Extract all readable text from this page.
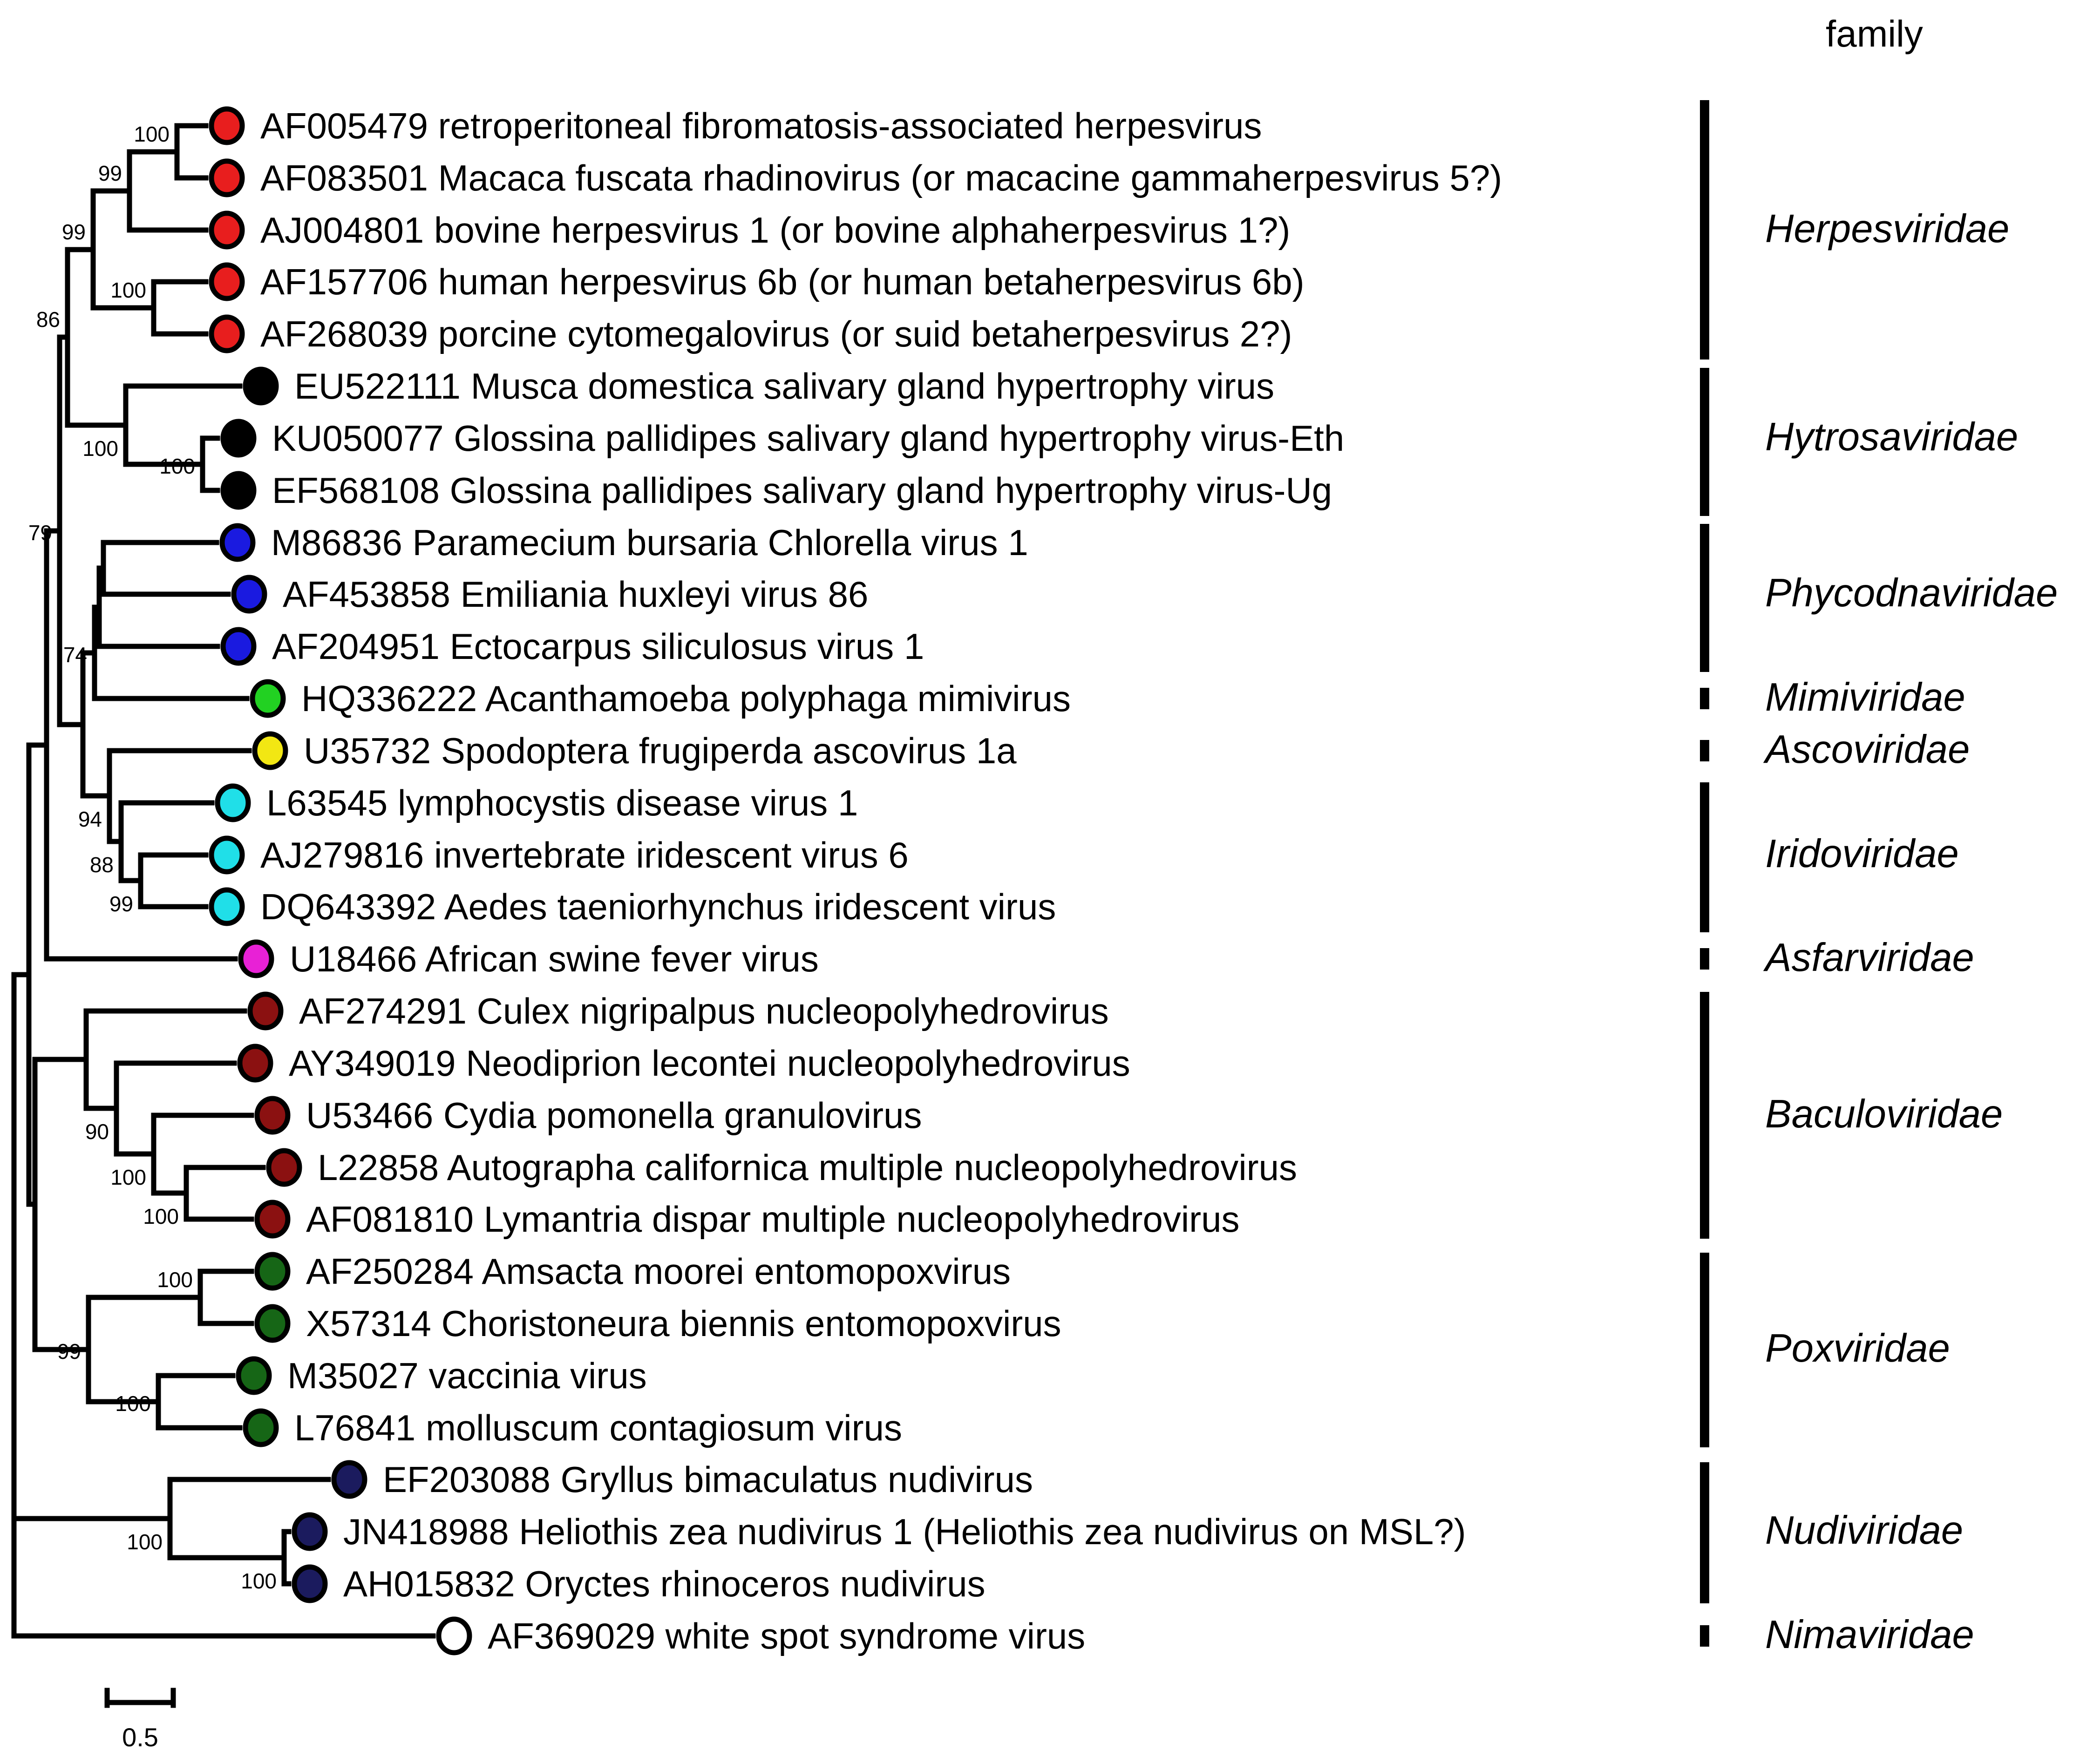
100
99
100
99
100
100
86
74
99
88
94
79
100
100
90
100
100
99
100
100
AF005479 retroperitoneal fibromatosis-associated herpesvirus
AF083501 Macaca fuscata rhadinovirus (or macacine gammaherpesvirus 5?)
AJ004801 bovine herpesvirus 1 (or bovine alphaherpesvirus 1?)
AF157706 human herpesvirus 6b (or human betaherpesvirus 6b)
AF268039 porcine cytomegalovirus (or suid betaherpesvirus 2?)
EU522111 Musca domestica salivary gland hypertrophy virus
KU050077 Glossina pallidipes salivary gland hypertrophy virus-Eth
EF568108 Glossina pallidipes salivary gland hypertrophy virus-Ug
M86836 Paramecium bursaria Chlorella virus 1
AF453858 Emiliania huxleyi virus 86
AF204951 Ectocarpus siliculosus virus 1
HQ336222 Acanthamoeba polyphaga mimivirus
U35732 Spodoptera frugiperda ascovirus 1a
L63545 lymphocystis disease virus 1
AJ279816 invertebrate iridescent virus 6
DQ643392 Aedes taeniorhynchus iridescent virus
U18466 African swine fever virus
AF274291 Culex nigripalpus nucleopolyhedrovirus
AY349019 Neodiprion lecontei nucleopolyhedrovirus
U53466 Cydia pomonella granulovirus
L22858 Autographa californica multiple nucleopolyhedrovirus
AF081810 Lymantria dispar multiple nucleopolyhedrovirus
AF250284 Amsacta moorei entomopoxvirus
X57314 Choristoneura biennis entomopoxvirus
M35027 vaccinia virus
L76841 molluscum contagiosum virus
EF203088 Gryllus bimaculatus nudivirus
JN418988 Heliothis zea nudivirus 1 (Heliothis zea nudivirus on MSL?)
AH015832 Oryctes rhinoceros nudivirus
AF369029 white spot syndrome virus
Herpesviridae
Hytrosaviridae
Phycodnaviridae
Mimiviridae
Ascoviridae
Iridoviridae
Asfarviridae
Baculoviridae
Poxviridae
Nudiviridae
Nimaviridae
family
0.5
